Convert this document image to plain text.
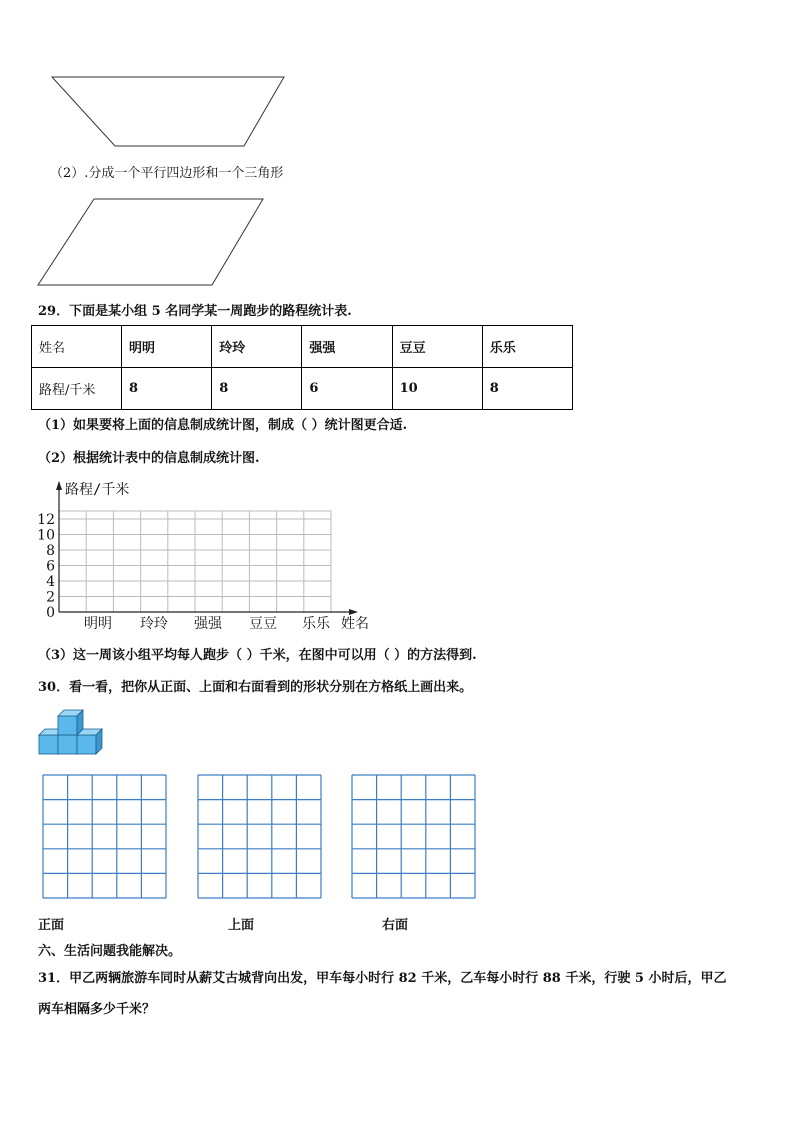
（2）.分成一个平行四边形和一个三角形
29．下面是某小组 5 名同学某一周跑步的路程统计表.
姓名	明明	玲玲	强强	豆豆	乐乐
路程/千米	8	8	6	10	8
（1）如果要将上面的信息制成统计图，制成（ ）统计图更合适.
（2）根据统计表中的信息制成统计图.
0
2
4
6
8
10
12
路程/千米
明明 玲玲 强强 豆豆 乐乐 姓名
（3）这一周该小组平均每人跑步（ ）千米，在图中可以用（ ）的方法得到.
30．看一看，把你从正面、上面和右面看到的形状分别在方格纸上画出来。
正面	上面	右面
六、生活问题我能解决。
31．甲乙两辆旅游车同时从薪艾古城背向出发，甲车每小时行 82 千米，乙车每小时行 88 千米，行驶 5 小时后，甲乙
两车相隔多少千米？
